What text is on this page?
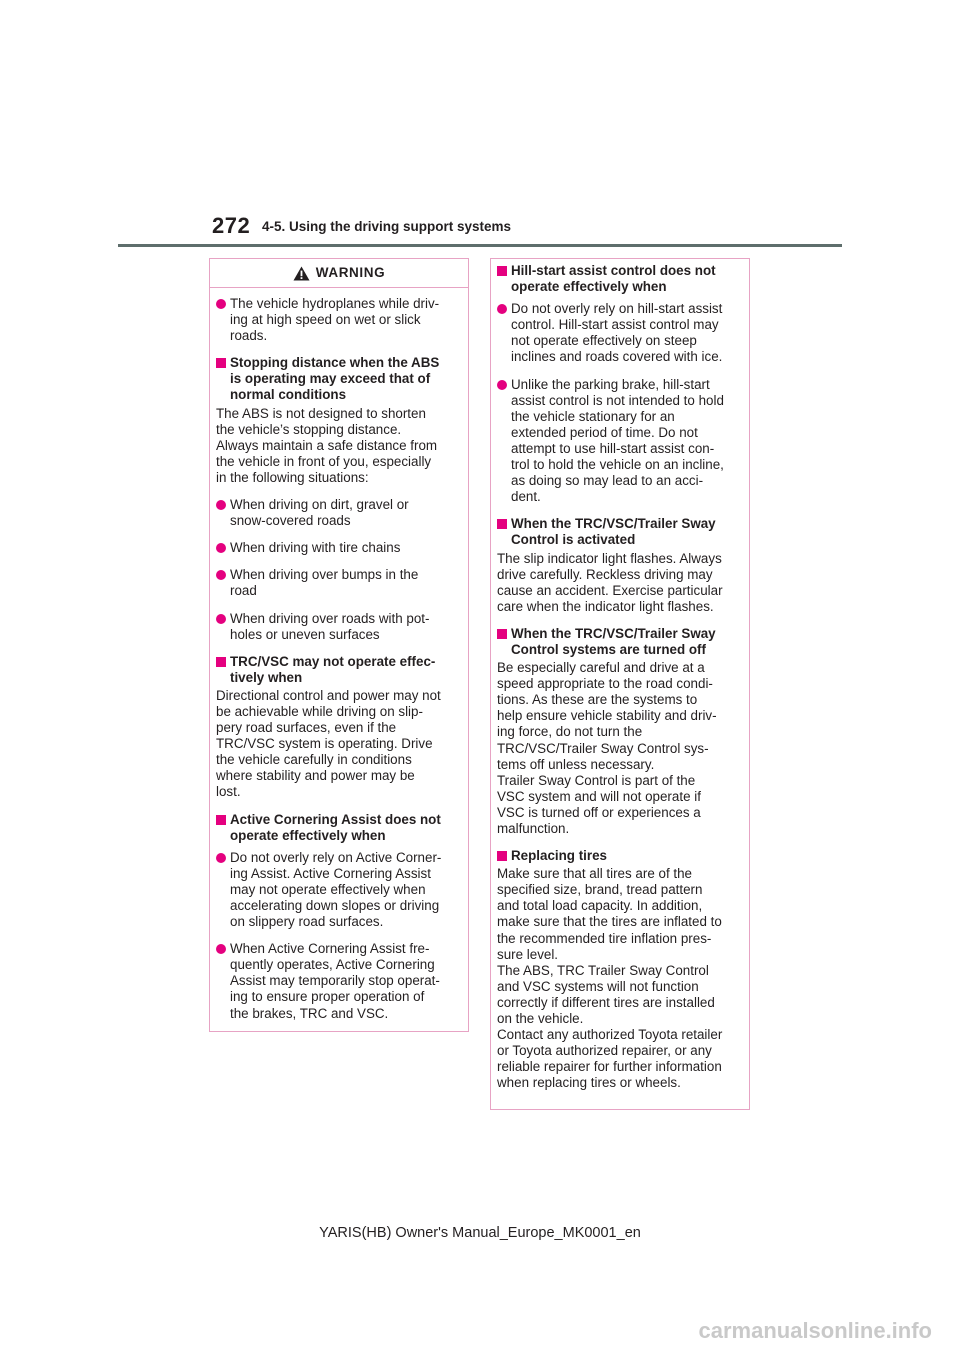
272 4-5. Using the driving support systems
WARNING
The vehicle hydroplanes while driv-
ing at high speed on wet or slick
roads.
Stopping distance when the ABS
is operating may exceed that of
normal conditions
The ABS is not designed to shorten
the vehicle’s stopping distance.
Always maintain a safe distance from
the vehicle in front of you, especially
in the following situations:
When driving on dirt, gravel or
snow-covered roads
When driving with tire chains
When driving over bumps in the
road
When driving over roads with pot-
holes or uneven surfaces
TRC/VSC may not operate effec-
tively when
Directional control and power may not
be achievable while driving on slip-
pery road surfaces, even if the
TRC/VSC system is operating. Drive
the vehicle carefully in conditions
where stability and power may be
lost.
Active Cornering Assist does not
operate effectively when
Do not overly rely on Active Corner-
ing Assist. Active Cornering Assist
may not operate effectively when
accelerating down slopes or driving
on slippery road surfaces.
When Active Cornering Assist fre-
quently operates, Active Cornering
Assist may temporarily stop operat-
ing to ensure proper operation of
the brakes, TRC and VSC.
Hill-start assist control does not
operate effectively when
Do not overly rely on hill-start assist
control. Hill-start assist control may
not operate effectively on steep
inclines and roads covered with ice.
Unlike the parking brake, hill-start
assist control is not intended to hold
the vehicle stationary for an
extended period of time. Do not
attempt to use hill-start assist con-
trol to hold the vehicle on an incline,
as doing so may lead to an acci-
dent.
When the TRC/VSC/Trailer Sway
Control is activated
The slip indicator light flashes. Always
drive carefully. Reckless driving may
cause an accident. Exercise particular
care when the indicator light flashes.
When the TRC/VSC/Trailer Sway
Control systems are turned off
Be especially careful and drive at a
speed appropriate to the road condi-
tions. As these are the systems to
help ensure vehicle stability and driv-
ing force, do not turn the
TRC/VSC/Trailer Sway Control sys-
tems off unless necessary.
Trailer Sway Control is part of the
VSC system and will not operate if
VSC is turned off or experiences a
malfunction.
Replacing tires
Make sure that all tires are of the
specified size, brand, tread pattern
and total load capacity. In addition,
make sure that the tires are inflated to
the recommended tire inflation pres-
sure level.
The ABS, TRC Trailer Sway Control
and VSC systems will not function
correctly if different tires are installed
on the vehicle.
Contact any authorized Toyota retailer
or Toyota authorized repairer, or any
reliable repairer for further information
when replacing tires or wheels.
YARIS(HB) Owner's Manual_Europe_MK0001_en
carmanualsonline.info
